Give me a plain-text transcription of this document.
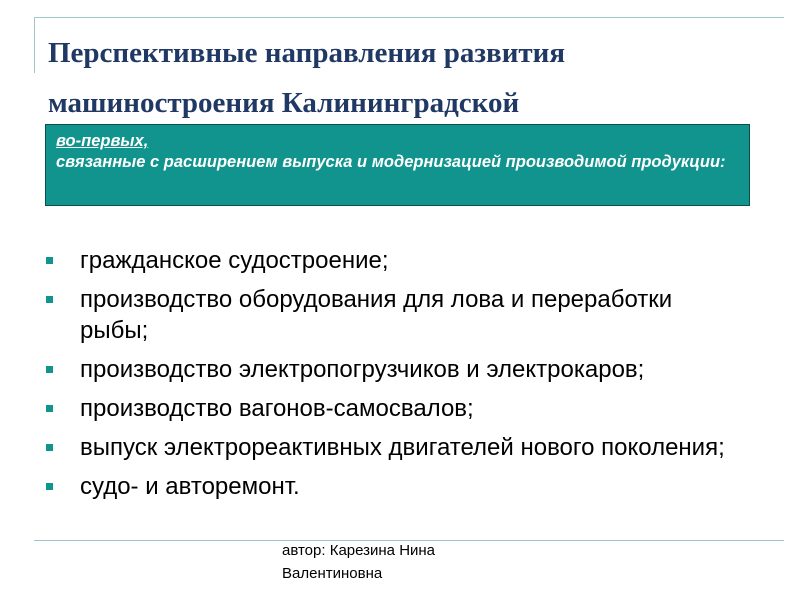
Перспективные направления развития машиностроения Калининградской
во-первых,
связанные с расширением выпуска и модернизацией производимой продукции:
гражданское судостроение;
производство оборудования для лова и переработки рыбы;
производство электропогрузчиков и электрокаров;
производство вагонов-самосвалов;
выпуск электрореактивных двигателей нового поколения;
судо- и авторемонт.
автор: Карезина Нина Валентиновна
